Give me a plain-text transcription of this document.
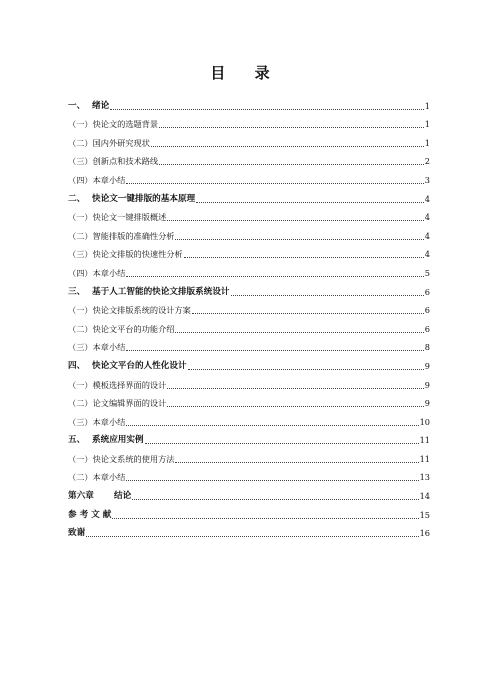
目 录
一、 绪论	1
（一） 快论文的选题背景	1
（二） 国内外研究现状	1
（三） 创新点和技术路线	2
（四） 本章小结	3
二、 快论文一键排版的基本原理	4
（一） 快论文一键排版概述	4
（二） 智能排版的准确性分析	4
（三） 快论文排版的快速性分析	4
（四） 本章小结	5
三、 基于人工智能的快论文排版系统设计	6
（一） 快论文排版系统的设计方案	6
（二） 快论文平台的功能介绍	6
（三） 本章小结	8
四、 快论文平台的人性化设计	9
（一） 模板选择界面的设计	9
（二） 论文编辑界面的设计	9
（三） 本章小结	10
五、 系统应用实例	11
（一） 快论文系统的使用方法	11
（二） 本章小结	13
第六章	结论	14
参 考 文 献	15
致谢	16
